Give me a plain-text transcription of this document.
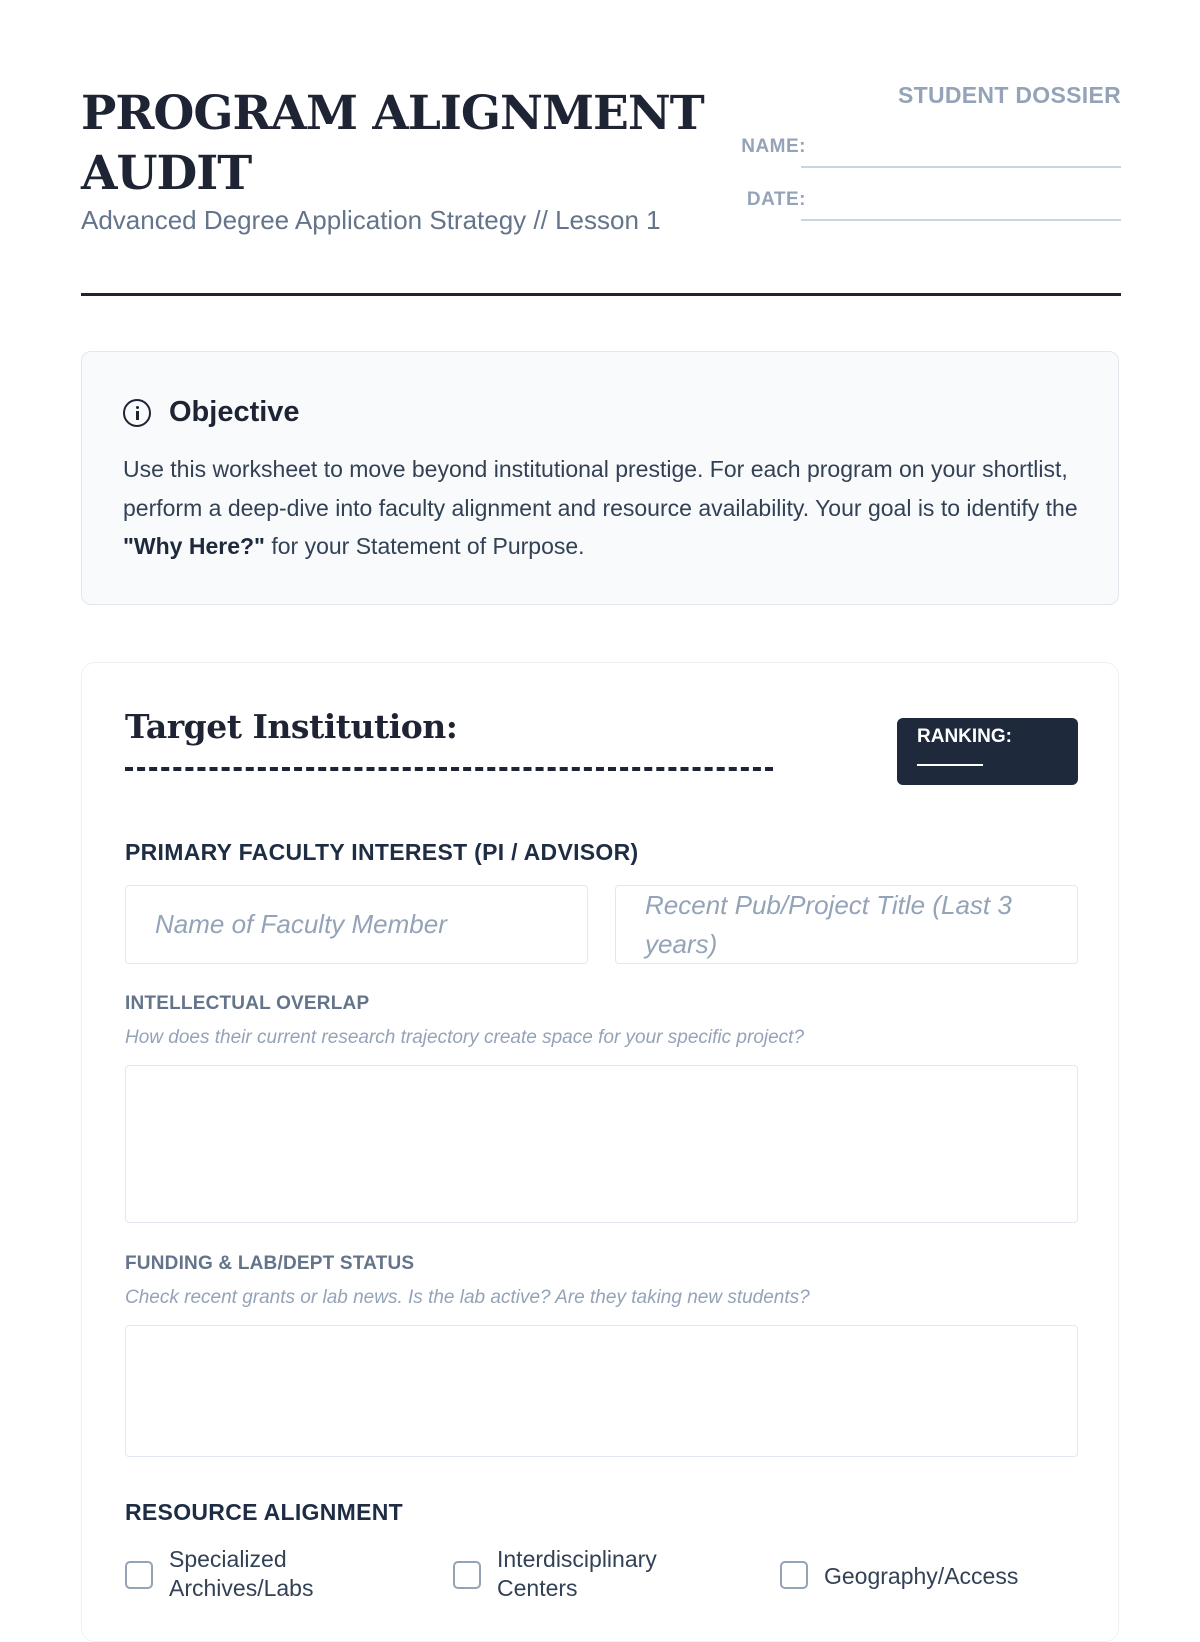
PROGRAM ALIGNMENT AUDIT
Advanced Degree Application Strategy // Lesson 1
STUDENT DOSSIER
NAME:
DATE:
Objective

Use this worksheet to move beyond institutional prestige. For each program on your shortlist, perform a deep-dive into faculty alignment and resource availability. Your goal is to identify the "Why Here?" for your Statement of Purpose.

Target Institution:	RANKING:
PRIMARY FACULTY INTEREST (PI / ADVISOR)
Name of Faculty Member
Recent Pub/Project Title (Last 3 years)
INTELLECTUAL OVERLAP
How does their current research trajectory create space for your specific project?
FUNDING & LAB/DEPT STATUS
Check recent grants or lab news. Is the lab active? Are they taking new students?
RESOURCE ALIGNMENT
Specialized Archives/Labs
Interdisciplinary Centers	Geography/Access
